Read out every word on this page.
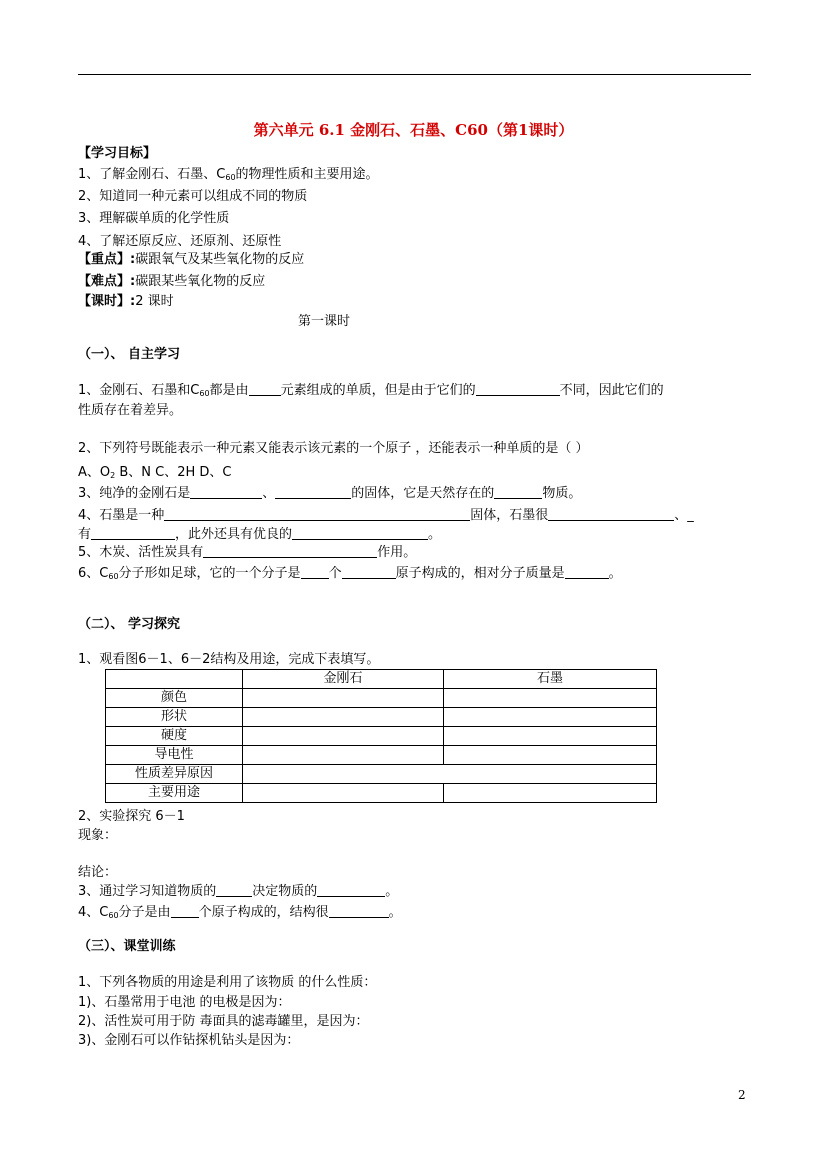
第六单元 6.1 金刚石、石墨、C60（第1课时）
【学习目标】
1、了解金刚石、石墨、$C_{60}$的物理性质和主要用途。
2、知道同一种元素可以组成不同的物质
3、理解碳单质的化学性质
4、了解还原反应、还原剂、还原性
【重点】:碳跟氧气及某些氧化物的反应
【难点】:碳跟某些氧化物的反应
【课时】:2 课时
第一课时
（一）、 自主学习
1、金刚石、石墨和$C_{60}$都是由 元素组成的单质，但是由于它们的	不同，因此它们的
性质存在着差异。
2、下列符号既能表示一种元素又能表示该元素的一个原子 ，还能表示一种单质的是（ ）
A、$O_2$ B、N C、2H D、C
3、纯净的金刚石是	、	的固体，它是天然存在的	物质。
4、石墨是一种	固体，石墨很	、_
有	，此外还具有优良的	。
5、木炭、活性炭具有	作用。
6、$C_{60}$分子形如足球，它的一个分子是 个	原子构成的，相对分子质量是	。
（二）、 学习探究
1、观看图6－1、6－2结构及用途，完成下表填写。
	金刚石	石墨
颜色		
形状		
硬度		
导电性		
性质差异原因		
主要用途		
2、实验探究 6－1
现象：
结论：
3、通过学习知道物质的	决定物质的	。
4、$C_{60}$分子是由 个原子构成的，结构很	。
（三）、课堂训练
1、下列各物质的用途是利用了该物质 的什么性质：
1)、石墨常用于电池 的电极是因为：
2)、活性炭可用于防 毒面具的滤毒罐里，是因为：
3)、金刚石可以作钻探机钻头是因为：
2
